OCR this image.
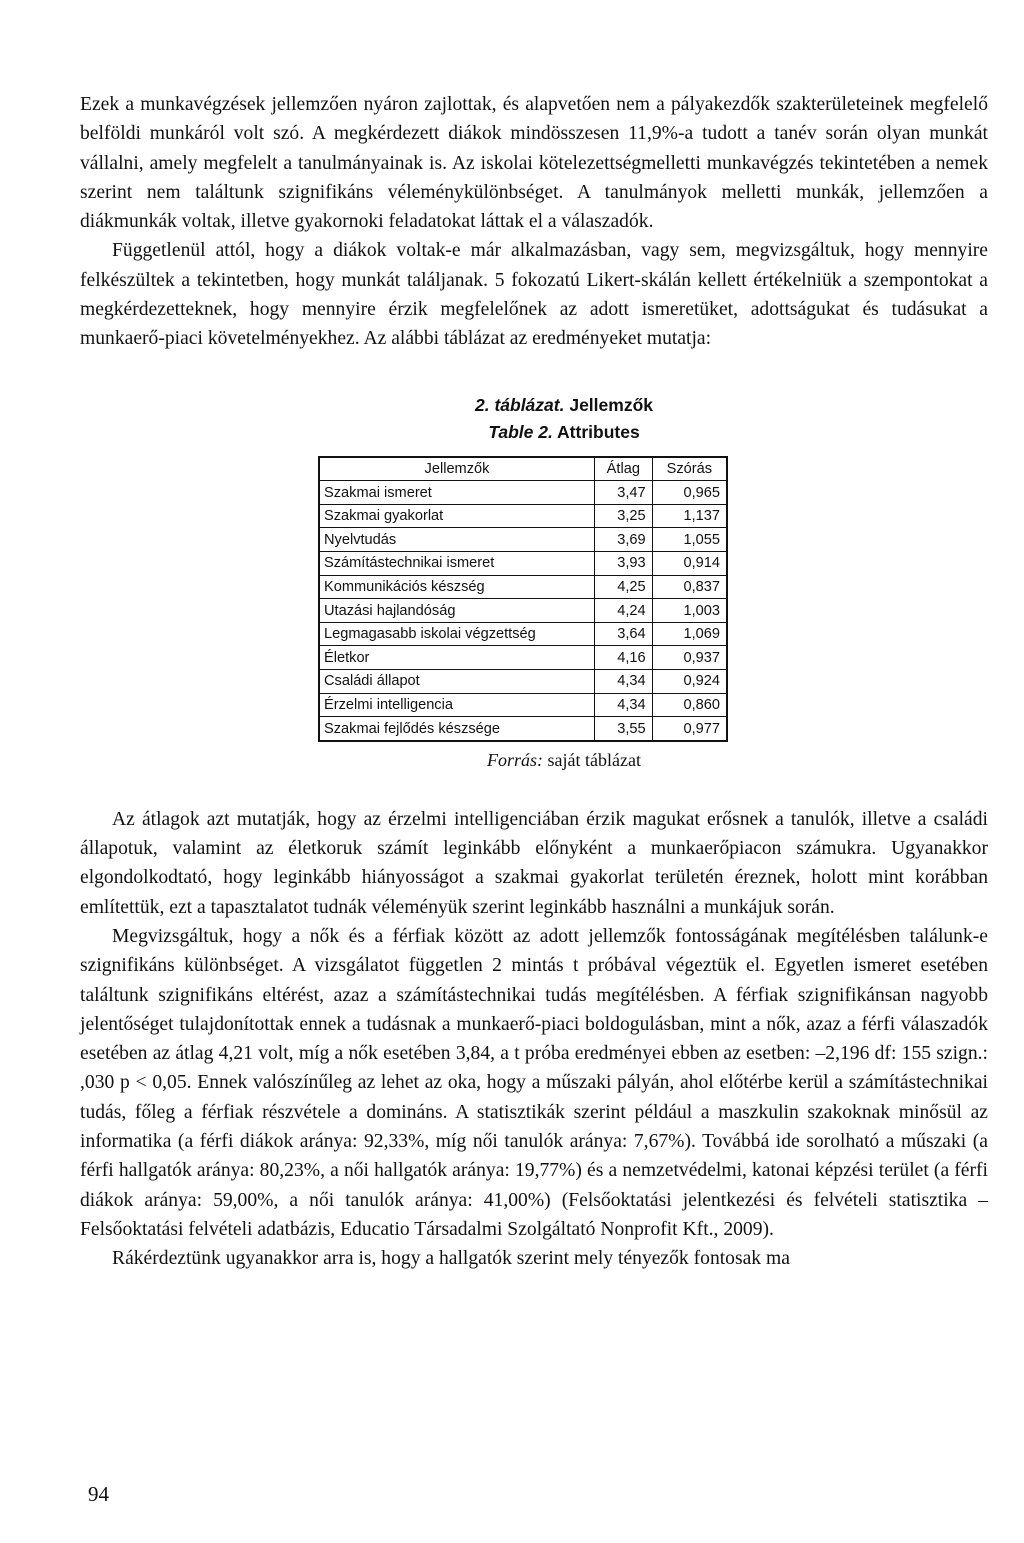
Ezek a munkavégzések jellemzően nyáron zajlottak, és alapvetően nem a pályakezdők szakterületeinek megfelelő belföldi munkáról volt szó. A megkérdezett diákok mindösszesen 11,9%-a tudott a tanév során olyan munkát vállalni, amely megfelelt a tanulmányainak is. Az iskolai kötelezettségmelletti munkavégzés tekintetében a nemek szerint nem találtunk szignifikáns véleménykülönbséget. A tanulmányok melletti munkák, jellemzően a diákmunkák voltak, illetve gyakornoki feladatokat láttak el a válaszadók.

Függetlenül attól, hogy a diákok voltak-e már alkalmazásban, vagy sem, megvizsgáltuk, hogy mennyire felkészültek a tekintetben, hogy munkát találjanak. 5 fokozatú Likert-skálán kellett értékelniük a szempontokat a megkérdezetteknek, hogy mennyire érzik megfelelőnek az adott ismeretüket, adottságukat és tudásukat a munkaerő-piaci követelményekhez. Az alábbi táblázat az eredményeket mutatja:

2. táblázat. Jellemzők
Table 2. Attributes
Jellemzők	Átlag	Szórás
Szakmai ismeret	3,47	0,965
Szakmai gyakorlat	3,25	1,137
Nyelvtudás	3,69	1,055
Számítástechnikai ismeret	3,93	0,914
Kommunikációs készség	4,25	0,837
Utazási hajlandóság	4,24	1,003
Legmagasabb iskolai végzettség	3,64	1,069
Életkor	4,16	0,937
Családi állapot	4,34	0,924
Érzelmi intelligencia	4,34	0,860
Szakmai fejlődés készsége	3,55	0,977
Forrás: saját táblázat

Az átlagok azt mutatják, hogy az érzelmi intelligenciában érzik magukat erősnek a tanulók, illetve a családi állapotuk, valamint az életkoruk számít leginkább előnyként a munkaerőpiacon számukra. Ugyanakkor elgondolkodtató, hogy leginkább hiányosságot a szakmai gyakorlat területén éreznek, holott mint korábban említettük, ezt a tapasztalatot tudnák véleményük szerint leginkább használni a munkájuk során.

Megvizsgáltuk, hogy a nők és a férfiak között az adott jellemzők fontosságának megítélésben találunk-e szignifikáns különbséget. A vizsgálatot független 2 mintás t próbával végeztük el. Egyetlen ismeret esetében találtunk szignifikáns eltérést, azaz a számítástechnikai tudás megítélésben. A férfiak szignifikánsan nagyobb jelentőséget tulajdonítottak ennek a tudásnak a munkaerő-piaci boldogulásban, mint a nők, azaz a férfi válaszadók esetében az átlag 4,21 volt, míg a nők esetében 3,84, a t próba eredményei ebben az esetben: –2,196 df: 155 szign.: ,030 p < 0,05. Ennek valószínűleg az lehet az oka, hogy a műszaki pályán, ahol előtérbe kerül a számítástechnikai tudás, főleg a férfiak részvétele a domináns. A statisztikák szerint például a maszkulin szakoknak minősül az informatika (a férfi diákok aránya: 92,33%, míg női tanulók aránya: 7,67%). Továbbá ide sorolható a műszaki (a férfi hallgatók aránya: 80,23%, a női hallgatók aránya: 19,77%) és a nemzetvédelmi, katonai képzési terület (a férfi diákok aránya: 59,00%, a női tanulók aránya: 41,00%) (Felsőoktatási jelentkezési és felvételi statisztika – Felsőoktatási felvételi adatbázis, Educatio Társadalmi Szolgáltató Nonprofit Kft., 2009).

Rákérdeztünk ugyanakkor arra is, hogy a hallgatók szerint mely tényezők fontosak ma

94
